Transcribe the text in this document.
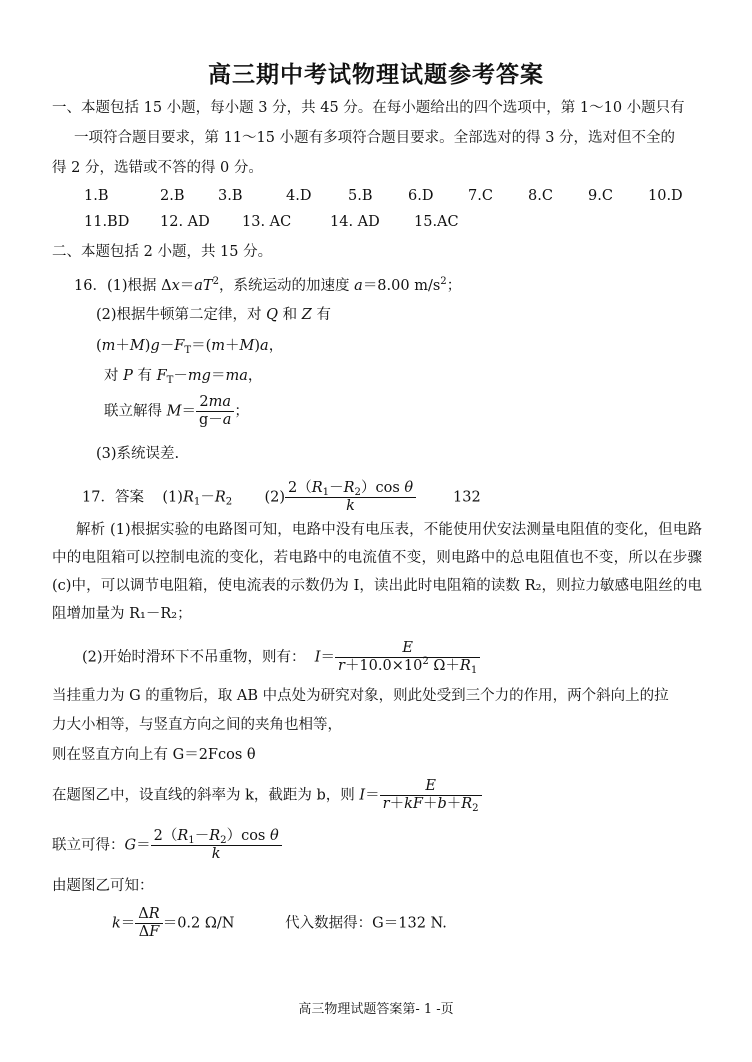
高三期中考试物理试题参考答案
一、本题包括 15 小题，每小题 3 分，共 45 分。在每小题给出的四个选项中，第 1～10 小题只有
一项符合题目要求，第 11～15 小题有多项符合题目要求。全部选对的得 3 分，选对但不全的
得 2 分，选错或不答的得 0 分。
1.B	2.B 3.B	4.D	5.B 6.D 7.C 8.C 9.C 10.D
11.BD 12. AD 13. AC	14. AD 15.AC
二、本题包括 2 小题，共 15 分。
16．(1)根据 $\Delta x=aT^2$，系统运动的加速度 a＝8.00 $m/s^2$；
(2)根据牛顿第二定律，对 Q 和 Z 有
$(m+M)g-F_T=(m+M)a$，
对 P 有 $F_T-mg=ma$，
联立解得 $M= \frac{2ma}{g-a}$ ；
(3)系统误差.
17．答案 $(1)R_1-R_2$ $(2) \frac{2(R_1-R_2)\cos \theta}{k}$	132
解析 (1)根据实验的电路图可知，电路中没有电压表，不能使用伏安法测量电阻值的变化，但电路中的电阻箱可以控制电流的变化，若电路中的电流值不变，则电路中的总电阻值也不变，所以在步骤(c)中，可以调节电阻箱，使电流表的示数仍为 I，读出此时电阻箱的读数 R₂，则拉力敏感电阻丝的电阻增加量为 R₁－R₂；
(2)开始时滑环下不吊重物，则有： $I= \frac{E}{r+10.0\times 10^2 \Omega+R_1}$
当挂重力为 G 的重物后，取 AB 中点处为研究对象，则此处受到三个力的作用，两个斜向上的拉
力大小相等，与竖直方向之间的夹角也相等，
则在竖直方向上有 G＝2Fcos θ
在题图乙中，设直线的斜率为 k，截距为 b，则 $I= \frac{E}{r+kF+b+R_2}$
联立可得：$G= \frac{2(R_1-R_2)\cos \theta}{k}$
由题图乙可知：
$k= \frac{\Delta R}{\Delta F} =0.2$ Ω/N	代入数据得：G＝132 N.
高三物理试题答案第- 1 -页
